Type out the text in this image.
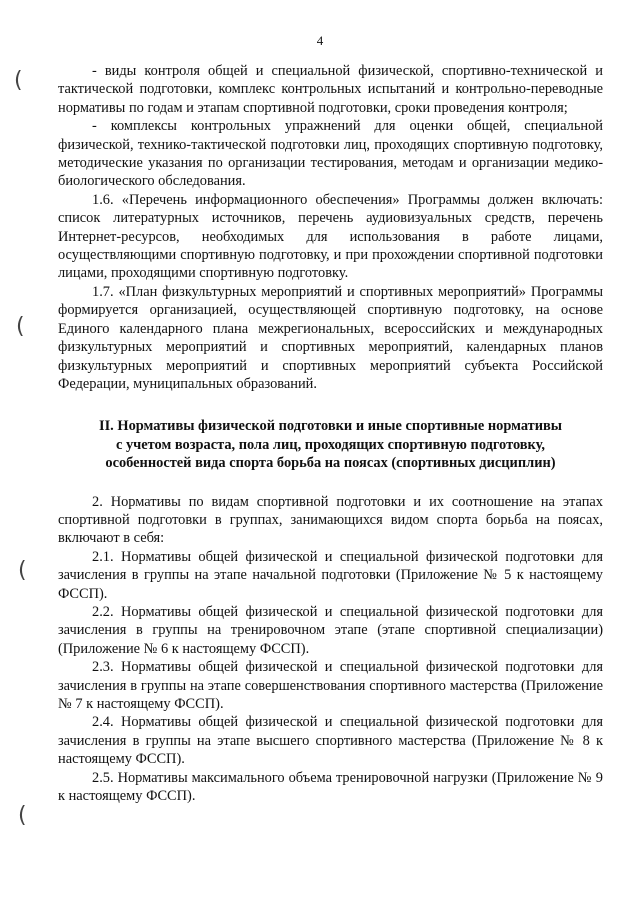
4
(
(
(
(

- виды контроля общей и специальной физической, спортивно-технической и тактической подготовки, комплекс контрольных испытаний и контрольно-переводные нормативы по годам и этапам спортивной подготовки, сроки проведения контроля;

- комплексы контрольных упражнений для оценки общей, специальной физической, технико-тактической подготовки лиц, проходящих спортивную подготовку, методические указания по организации тестирования, методам и организации медико-биологического обследования.

1.6. «Перечень информационного обеспечения» Программы должен включать: список литературных источников, перечень аудиовизуальных средств, перечень Интернет-ресурсов, необходимых для использования в работе лицами, осуществляющими спортивную подготовку, и при прохождении спортивной подготовки лицами, проходящими спортивную подготовку.

1.7. «План физкультурных мероприятий и спортивных мероприятий» Программы формируется организацией, осуществляющей спортивную подготовку, на основе Единого календарного плана межрегиональных, всероссийских и международных физкультурных мероприятий и спортивных мероприятий, календарных планов физкультурных мероприятий и спортивных мероприятий субъекта Российской Федерации, муниципальных образований.

II. Нормативы физической подготовки и иные спортивные нормативы
с учетом возраста, пола лиц, проходящих спортивную подготовку,
особенностей вида спорта борьба на поясах (спортивных дисциплин)

2. Нормативы по видам спортивной подготовки и их соотношение на этапах спортивной подготовки в группах, занимающихся видом спорта борьба на поясах, включают в себя:

2.1. Нормативы общей физической и специальной физической подготовки для зачисления в группы на этапе начальной подготовки (Приложение № 5 к настоящему ФССП).

2.2. Нормативы общей физической и специальной физической подготовки для зачисления в группы на тренировочном этапе (этапе спортивной специализации) (Приложение № 6 к настоящему ФССП).

2.3. Нормативы общей физической и специальной физической подготовки для зачисления в группы на этапе совершенствования спортивного мастерства (Приложение № 7 к настоящему ФССП).

2.4. Нормативы общей физической и специальной физической подготовки для зачисления в группы на этапе высшего спортивного мастерства (Приложение № 8 к настоящему ФССП).

2.5. Нормативы максимального объема тренировочной нагрузки (Приложение № 9 к настоящему ФССП).
